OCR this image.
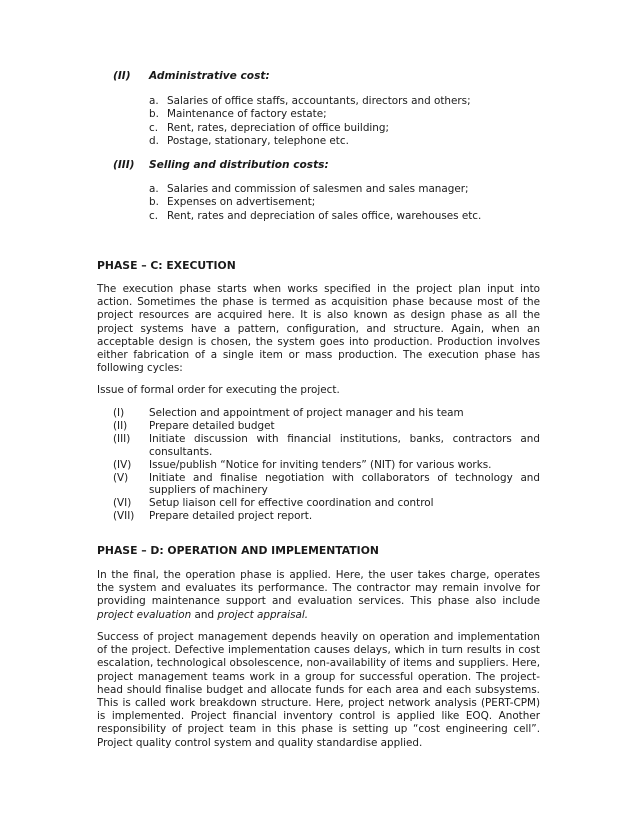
(II) Administrative cost:
a. Salaries of office staffs, accountants, directors and others;
b. Maintenance of factory estate;
c. Rent, rates, depreciation of office building;
d. Postage, stationary, telephone etc.
(III) Selling and distribution costs:
a. Salaries and commission of salesmen and sales manager;
b. Expenses on advertisement;
c. Rent, rates and depreciation of sales office, warehouses etc.
PHASE – C: EXECUTION

The execution phase starts when works specified in the project plan input into action. Sometimes the phase is termed as acquisition phase because most of the project resources are acquired here. It is also known as design phase as all the project systems have a pattern, configuration, and structure. Again, when an acceptable design is chosen, the system goes into production. Production involves either fabrication of a single item or mass production. The execution phase has following cycles:

Issue of formal order for executing the project.

(I) Selection and appointment of project manager and his team
(II) Prepare detailed budget
(III) Initiate discussion with financial institutions, banks, contractors and consultants.
(IV) Issue/publish “Notice for inviting tenders” (NIT) for various works.
(V) Initiate and finalise negotiation with collaborators of technology and suppliers of machinery
(VI) Setup liaison cell for effective coordination and control
(VII) Prepare detailed project report.
PHASE – D: OPERATION AND IMPLEMENTATION

In the final, the operation phase is applied. Here, the user takes charge, operates the system and evaluates its performance. The contractor may remain involve for providing maintenance support and evaluation services. This phase also include project evaluation and project appraisal.

Success of project management depends heavily on operation and implementation of the project. Defective implementation causes delays, which in turn results in cost escalation, technological obsolescence, non-availability of items and suppliers. Here, project management teams work in a group for successful operation. The project-head should finalise budget and allocate funds for each area and each subsystems. This is called work breakdown structure. Here, project network analysis (PERT-CPM) is implemented. Project financial inventory control is applied like EOQ. Another responsibility of project team in this phase is setting up “cost engineering cell”. Project quality control system and quality standardise applied.
